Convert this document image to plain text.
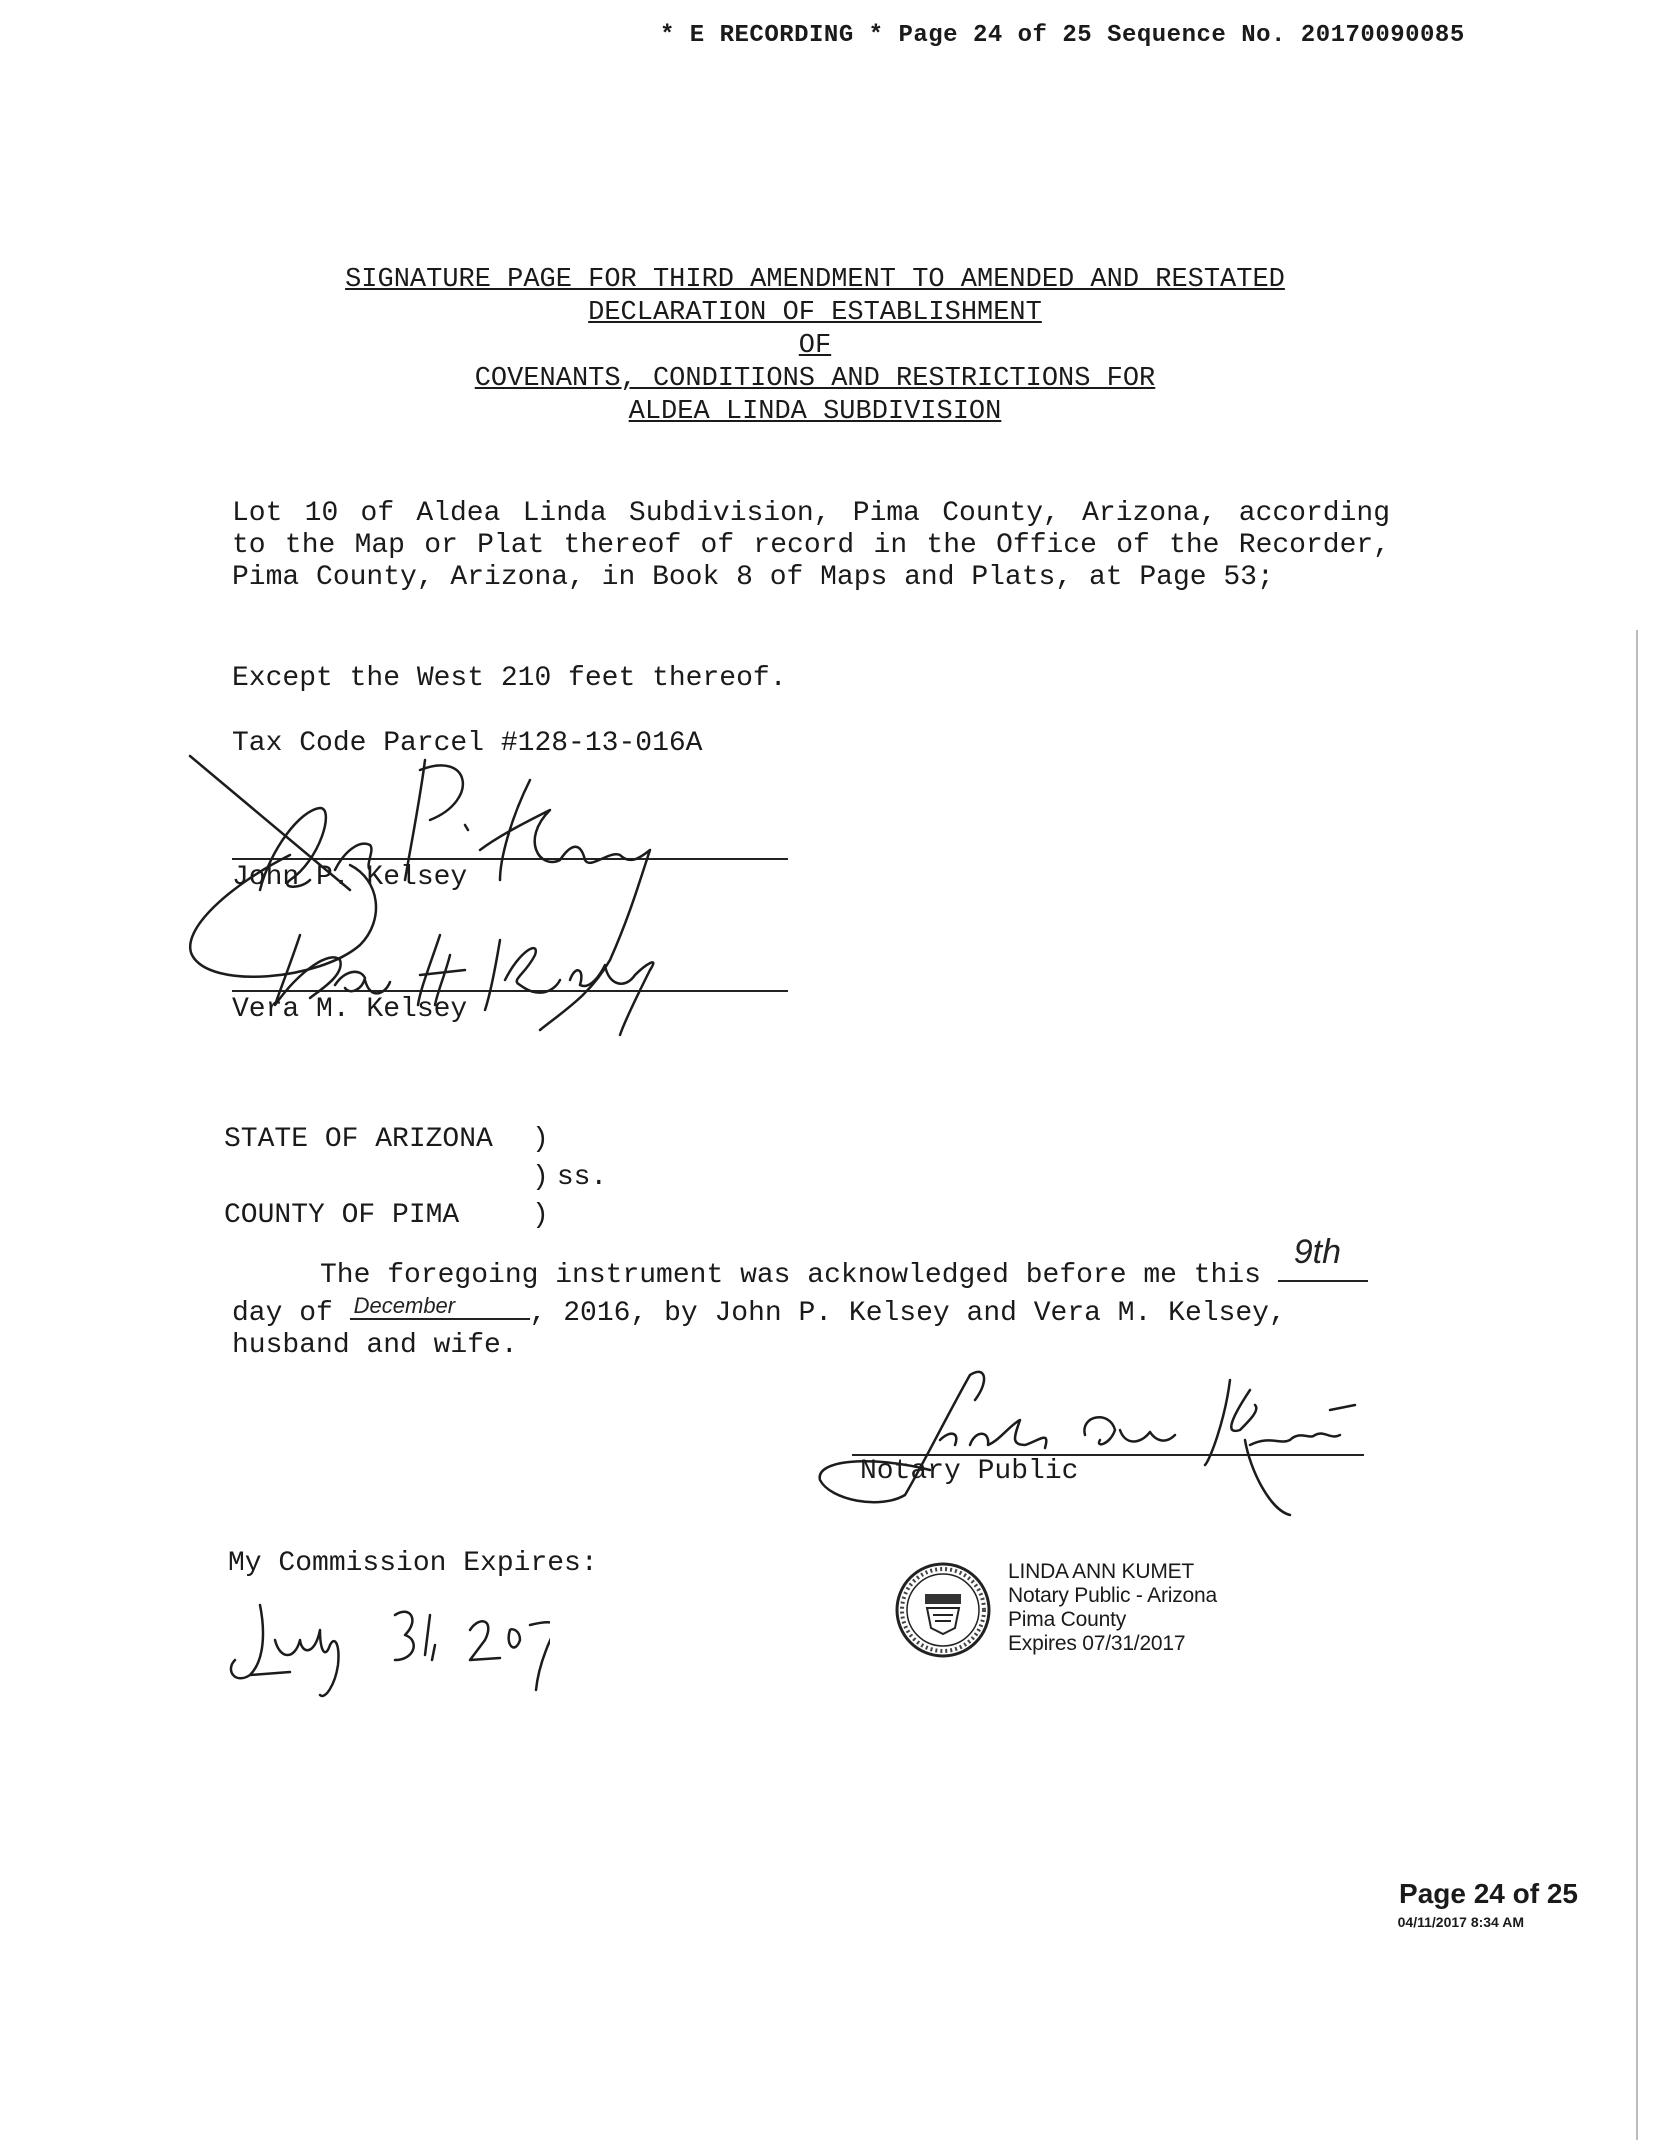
* E RECORDING * Page 24 of 25 Sequence No. 20170090085
SIGNATURE PAGE FOR THIRD AMENDMENT TO AMENDED AND RESTATED
DECLARATION OF ESTABLISHMENT
OF
COVENANTS, CONDITIONS AND RESTRICTIONS FOR
ALDEA LINDA SUBDIVISION
Lot 10 of Aldea Linda Subdivision, Pima County, Arizona, according to the Map or Plat thereof of record in the Office of the Recorder, Pima County, Arizona, in Book 8 of Maps and Plats, at Page 53;
Except the West 210 feet thereof.
Tax Code Parcel #128-13-016A
John P. Kelsey
Vera M. Kelsey
STATE OF ARIZONA	)	
	)	ss.
COUNTY OF PIMA	)	
The foregoing instrument was acknowledged before me this
9th
day of December	, 2016, by John P. Kelsey and Vera M. Kelsey, husband and wife.
Notary Public
My Commission Expires:	LINDA ANN KUMET
Notary Public - Arizona
Pima County
Expires 07/31/2017
Page 24 of 25
04/11/2017 8:34 AM
